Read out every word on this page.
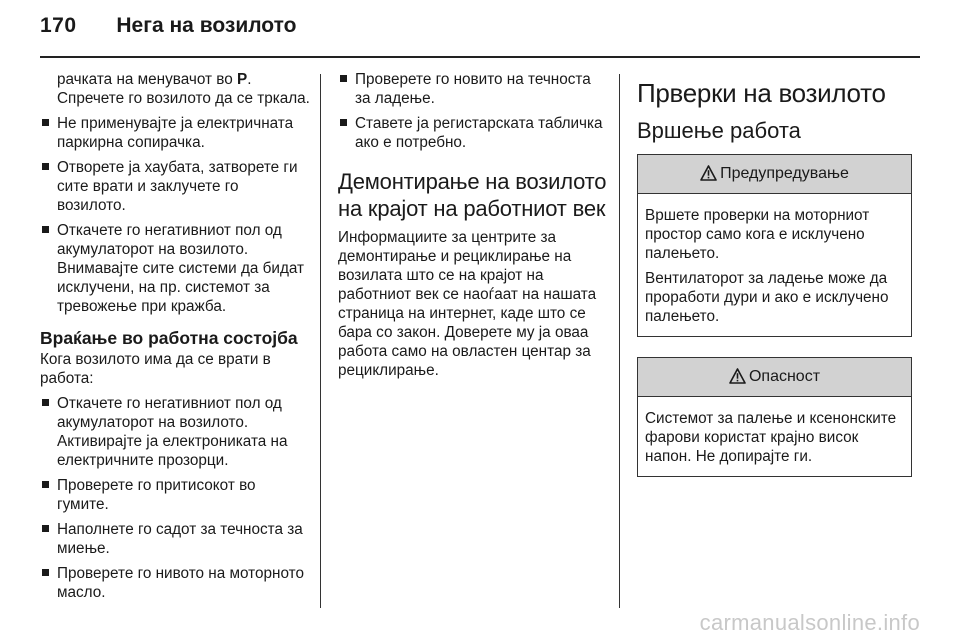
170 Нега на возилото

рачката на менувачот во P. Спречете го возилото да се тркала.

Не применувајте ја електричната паркирна сопирачка.
Отворете ја хаубата, затворете ги сите врати и заклучете го возилото.
Откачете го негативниот пол од акумулаторот на возилото. Внимавајте сите системи да бидат исклучени, на пр. системот за тревожење при кражба.
Враќање во работна состојба

Кога возилото има да се врати в работа:

Откачете го негативниот пол од акумулаторот на возилото. Активирајте ја електрониката на електричните прозорци.
Проверете го притисокот во гумите.
Наполнете го садот за течноста за миење.
Проверете го нивото на моторното масло.
Проверете го новито на течноста за ладење.
Ставете ја регистарската табличка ако е потребно.
Демонтирање на возилото на крајот на работниот век

Информациите за центрите за демонтирање и рециклирање на возилата што се на крајот на работниот век се наоѓаат на нашата страница на интернет, каде што се бара со закон. Доверете му ја оваа работа само на овластен центар за рециклирање.

Прверки на возилото
Вршење работа
Предупредување

Вршете проверки на моторниот простор само кога е исклучено палењето.

Вентилаторот за ладење може да проработи дури и ако е исклучено палењето.

Опасност

Системот за палење и ксенонските фарови користат крајно висок напон. Не допирајте ги.

carmanualsonline.info
